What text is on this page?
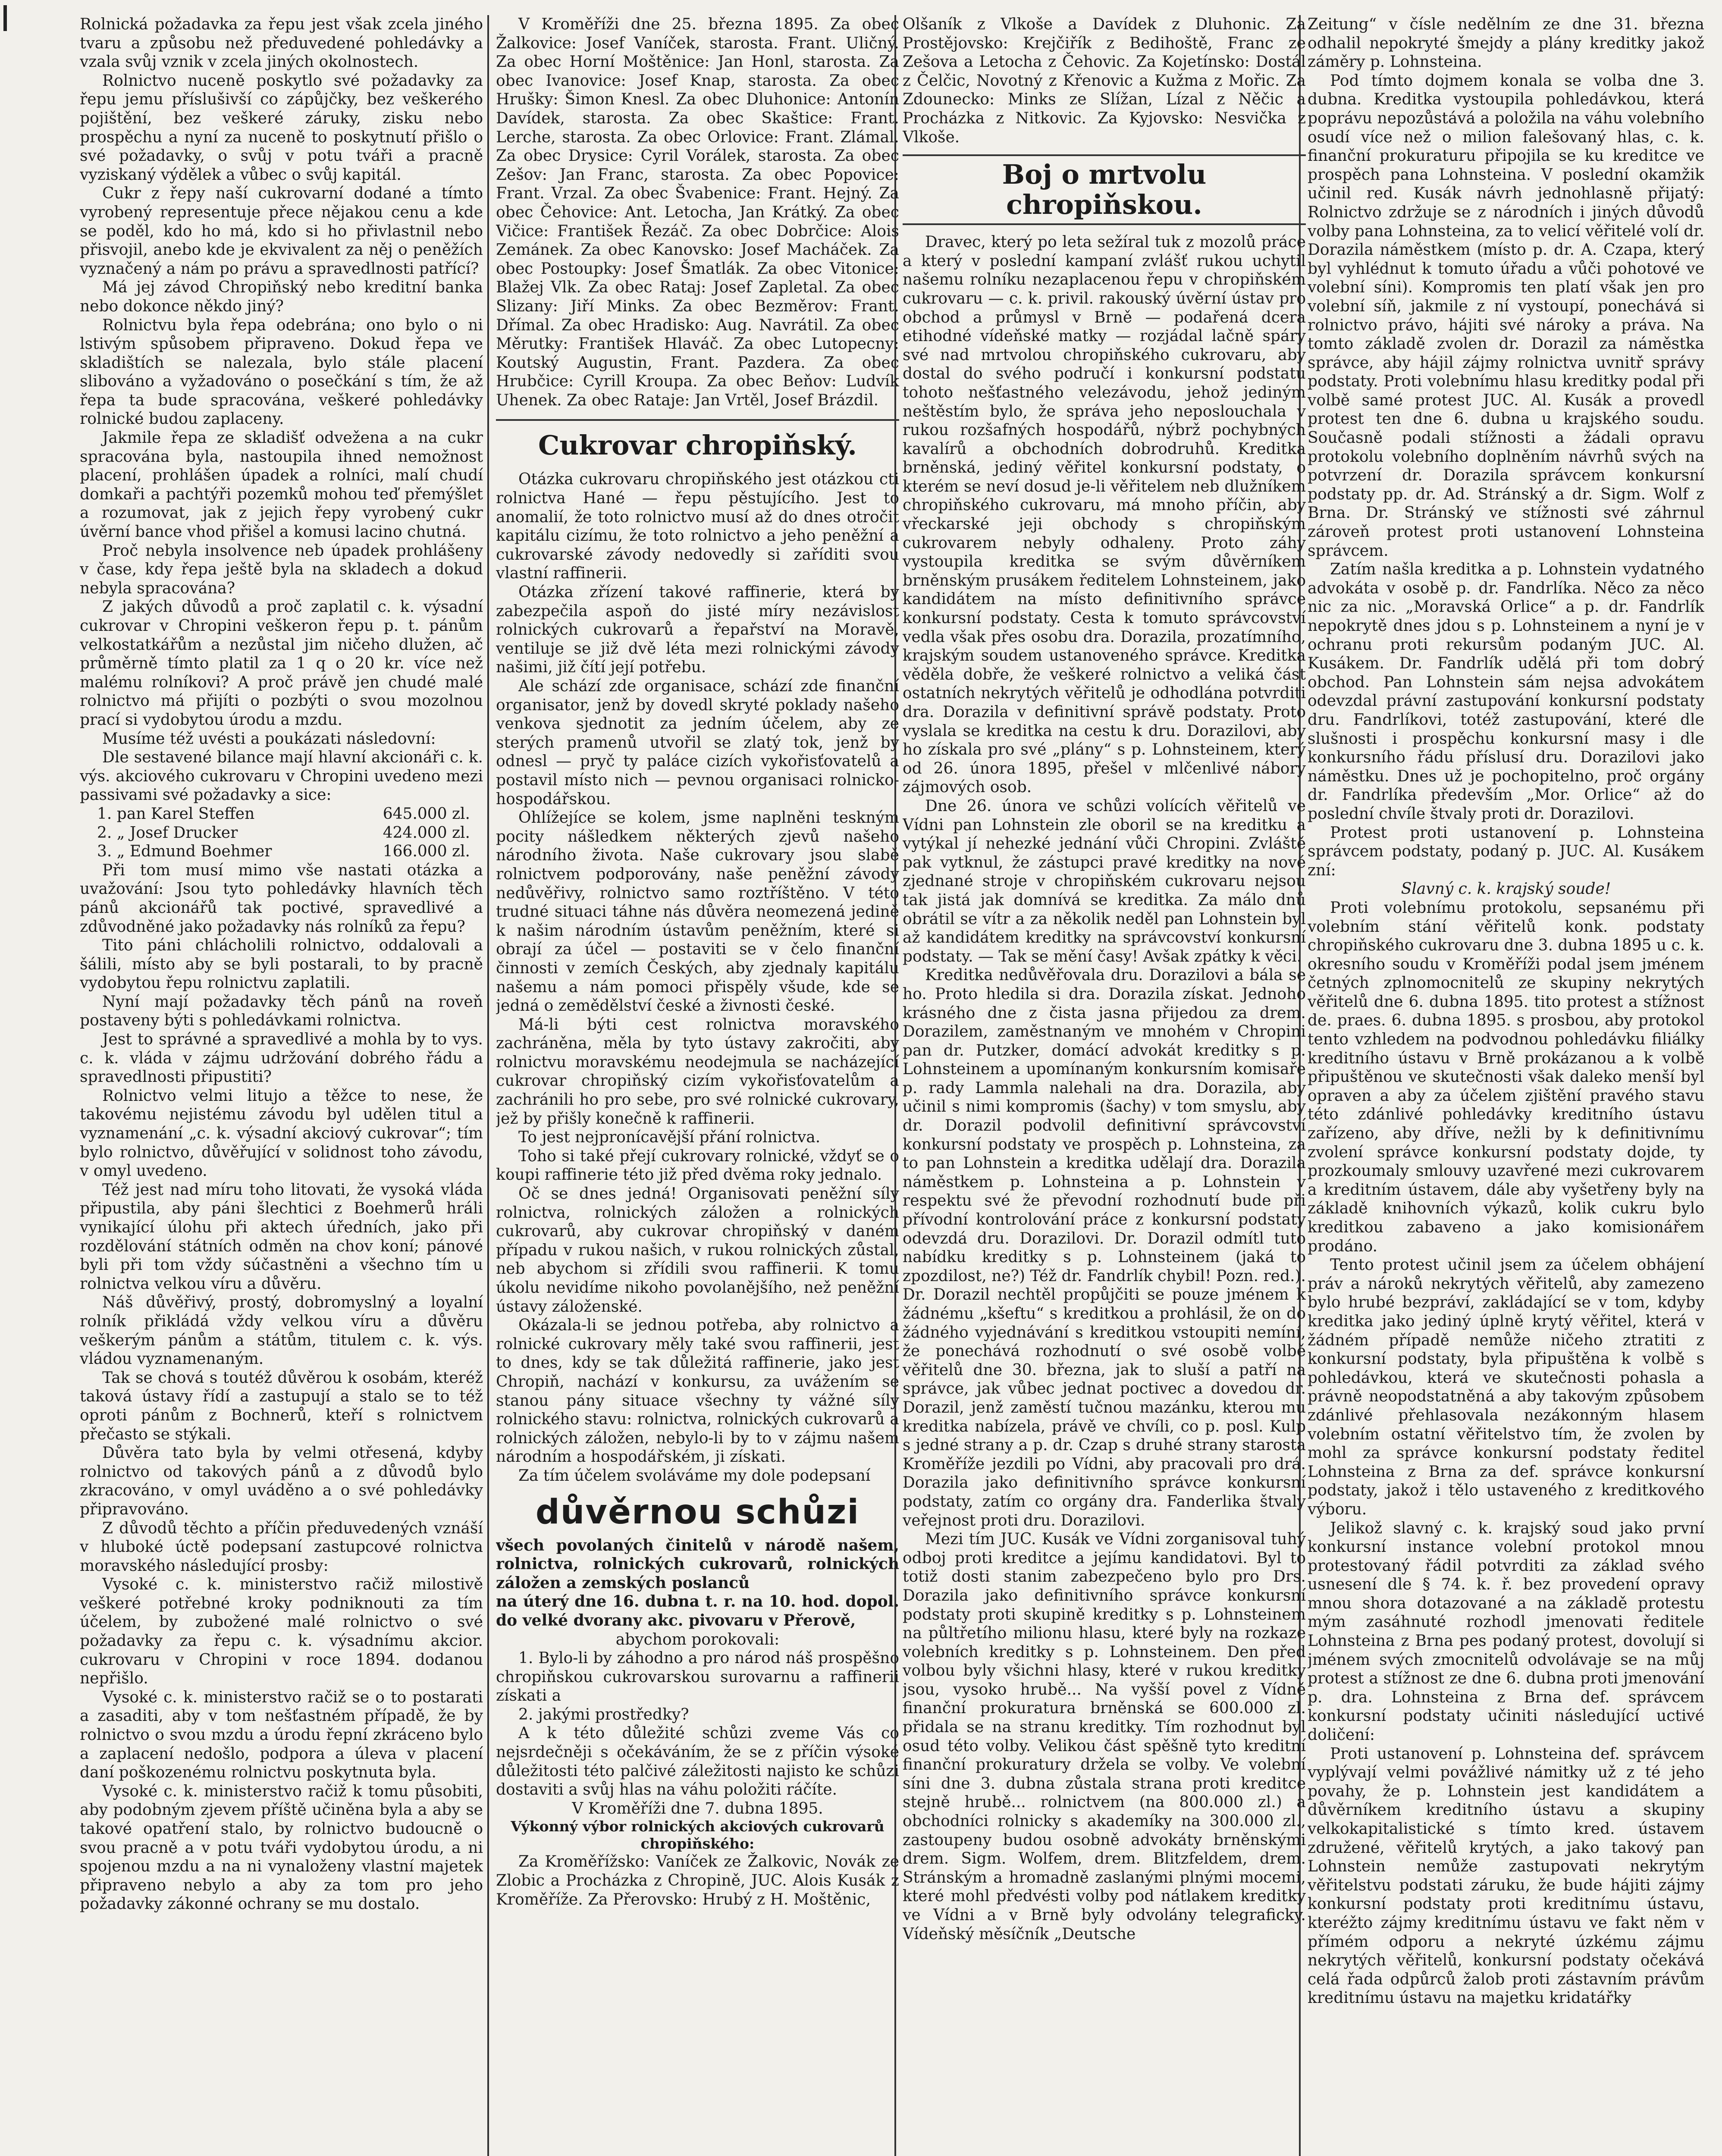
Rolnická požadavka za řepu jest však zcela jiného tvaru a způsobu než předuvedené pohledávky a vzala svůj vznik v zcela jiných okolnostech.

Rolnictvo nuceně poskytlo své požadavky za řepu jemu příslušivší co zápůjčky, bez veškerého pojištění, bez veškeré záruky, zisku nebo prospěchu a nyní za nuceně to poskytnutí přišlo o své požadavky, o svůj v potu tváři a pracně vyziskaný výdělek a vůbec o svůj kapitál.

Cukr z řepy naší cukrovarní dodané a tímto vyrobený representuje přece nějakou cenu a kde se poděl, kdo ho má, kdo si ho přivlastnil nebo přisvojil, anebo kde je ekvivalent za něj o peněžích vyznačený a nám po právu a spravedlnosti patřící?

Má jej závod Chropiňský nebo kreditní banka nebo dokonce někdo jiný?

Rolnictvu byla řepa odebrána; ono bylo o ni lstivým spůsobem připraveno. Dokud řepa ve skladištích se nalezala, bylo stále placení slibováno a vyžadováno o posečkání s tím, že až řepa ta bude spracována, veškeré pohledávky rolnické budou zaplaceny.

Jakmile řepa ze skladišť odvežena a na cukr spracována byla, nastoupila ihned nemožnost placení, prohlášen úpadek a rolníci, malí chudí domkaři a pachtýři pozemků mohou teď přemýšlet a rozumovat, jak z jejich řepy vyrobený cukr úvěrní bance vhod přišel a komusi lacino chutná.

Proč nebyla insolvence neb úpadek prohlášeny v čase, kdy řepa ještě byla na skladech a dokud nebyla spracována?

Z jakých důvodů a proč zaplatil c. k. výsadní cukrovar v Chropini veškeron řepu p. t. pánům velkostatkářům a nezůstal jim ničeho dlužen, ač průměrně tímto platil za 1 q o 20 kr. více než malému rolníkovi? A proč právě jen chudé malé rolnictvo má přijíti o pozbýti o svou mozolnou prací si vydobytou úrodu a mzdu.

Musíme též uvésti a poukázati následovní:

Dle sestavené bilance mají hlavní akcionáři c. k. výs. akciového cukrovaru v Chropini uvedeno mezi passivami své požadavky a sice:

1. pan Karel Steffen	645.000 zl.
2. „ Josef Drucker	424.000 zl.
3. „ Edmund Boehmer	166.000 zl.

Při tom musí mimo vše nastati otázka a uvažování: Jsou tyto pohledávky hlavních těch pánů akcionářů tak poctivé, spravedlivé a zdůvodněné jako požadavky nás rolníků za řepu?

Tito páni chlácholili rolnictvo, oddalovali a šálili, místo aby se byli postarali, to by pracně vydobytou řepu rolnictvu zaplatili.

Nyní mají požadavky těch pánů na roveň postaveny býti s pohledávkami rolnictva.

Jest to správné a spravedlivé a mohla by to vys. c. k. vláda v zájmu udržování dobrého řádu a spravedlnosti připustiti?

Rolnictvo velmi litujo a těžce to nese, že takovému nejistému závodu byl udělen titul a vyznamenání „c. k. výsadní akciový cukrovar“; tím bylo rolnictvo, důvěřující v solidnost toho závodu, v omyl uvedeno.

Též jest nad míru toho litovati, že vysoká vláda připustila, aby páni šlechtici z Boehmerů hráli vynikající úlohu při aktech úředních, jako při rozdělování státních odměn na chov koní; pánové byli při tom vždy súčastněni a všechno tím u rolnictva velkou víru a důvěru.

Náš důvěřivý, prostý, dobromyslný a loyalní rolník přikládá vždy velkou víru a důvěru veškerým pánům a státům, titulem c. k. výs. vládou vyznamenaným.

Tak se chová s toutéž důvěrou k osobám, kteréž taková ústavy řídí a zastupují a stalo se to též oproti pánům z Bochnerů, kteří s rolnictvem přečasto se stýkali.

Důvěra tato byla by velmi otřesená, kdyby rolnictvo od takových pánů a z důvodů bylo zkracováno, v omyl uváděno a o své pohledávky připravováno.

Z důvodů těchto a příčin předuvedených vznáší v hluboké úctě podepsaní zastupcové rolnictva moravského následující prosby:

Vysoké c. k. ministerstvo račiž milostivě veškeré potřebné kroky podniknouti za tím účelem, by zubožené malé rolnictvo o své požadavky za řepu c. k. výsadnímu akcior. cukrovaru v Chropini v roce 1894. dodanou nepřišlo.

Vysoké c. k. ministerstvo račiž se o to postarati a zasaditi, aby v tom nešťastném případě, že by rolnictvo o svou mzdu a úrodu řepní zkráceno bylo a zaplacení nedošlo, podpora a úleva v placení daní poškozenému rolnictvu poskytnuta byla.

Vysoké c. k. ministerstvo račiž k tomu působiti, aby podobným zjevem příště učiněna byla a aby se takové opatření stalo, by rolnictvo budoucně o svou pracně a v potu tváři vydobytou úrodu, a ni spojenou mzdu a na ni vynaloženy vlastní majetek připraveno nebylo a aby za tom pro jeho požadavky zákonné ochrany se mu dostalo.

V Kroměříži dne 25. března 1895. Za obec Žalkovice: Josef Vaníček, starosta. Frant. Uličný. Za obec Horní Moštěnice: Jan Honl, starosta. Za obec Ivanovice: Josef Knap, starosta. Za obec Hrušky: Šimon Knesl. Za obec Dluhonice: Antonín Davídek, starosta. Za obec Skaštice: Frant. Lerche, starosta. Za obec Orlovice: Frant. Zlámal. Za obec Drysice: Cyril Vorálek, starosta. Za obec Zešov: Jan Franc, starosta. Za obec Popovice: Frant. Vrzal. Za obec Švabenice: Frant. Hejný. Za obec Čehovice: Ant. Letocha, Jan Krátký. Za obec Vičice: František Řezáč. Za obec Dobrčice: Alois Zemánek. Za obec Kanovsko: Josef Macháček. Za obec Postoupky: Josef Šmatlák. Za obec Vitonice: Blažej Vlk. Za obec Rataj: Josef Zapletal. Za obec Slizany: Jiří Minks. Za obec Bezměrov: Frant. Dřímal. Za obec Hradisko: Aug. Navrátil. Za obec Měrutky: František Hlaváč. Za obec Lutopecny: Koutský Augustin, Frant. Pazdera. Za obec Hrubčice: Cyrill Kroupa. Za obec Beňov: Ludvík Uhenek. Za obec Rataje: Jan Vrtěl, Josef Brázdil.

Cukrovar chropiňský.

Otázka cukrovaru chropiňského jest otázkou cti rolnictva Hané — řepu pěstujícího. Jest to anomalií, že toto rolnictvo musí až do dnes otročit kapitálu cizímu, že toto rolnictvo a jeho peněžní a cukrovarské závody nedovedly si zaříditi svou vlastní raffinerii.

Otázka zřízení takové raffinerie, která by zabezpečila aspoň do jisté míry nezávislost rolnických cukrovarů a řepařství na Moravě, ventiluje se již dvě léta mezi rolnickými závody našimi, již čítí její potřebu.

Ale schází zde organisace, schází zde finanční organisator, jenž by dovedl skryté poklady našeho venkova sjednotit za jedním účelem, aby ze sterých pramenů utvořil se zlatý tok, jenž by odnesl — pryč ty paláce cizích vykořisťovatelů a postavil místo nich — pevnou organisaci rolnicko-hospodářskou.

Ohlížejíce se kolem, jsme naplněni teskným pocity nášledkem některých zjevů našeho národního života. Naše cukrovary jsou slabě rolnictvem podporovány, naše peněžní závody nedůvěřivy, rolnictvo samo roztříštěno. V této trudné situaci táhne nás důvěra neomezená jedině k našim národním ústavům peněžním, které si obrají za účel — postaviti se v čelo finanční činnosti v zemích Českých, aby zjednaly kapitálu našemu a nám pomoci přispěly všude, kde se jedná o zemědělství české a živnosti české.

Má-li býti cest rolnictva moravského zachráněna, měla by tyto ústavy zakročiti, aby rolnictvu moravskému neodejmula se nacházející cukrovar chropiňský cizím vykořisťovatelům a zachránili ho pro sebe, pro své rolnické cukrovary, jež by přišly konečně k raffinerii.

To jest nejpronícavější přání rolnictva.

Toho si také přejí cukrovary rolnické, vždyť se o koupi raffinerie této již před dvěma roky jednalo.

Oč se dnes jedná! Organisovati peněžní síly rolnictva, rolnických záložen a rolnických cukrovarů, aby cukrovar chropiňský v daném případu v rukou našich, v rukou rolnických zůstal, neb abychom si zřídili svou raffinerii. K tomu úkolu nevidíme nikoho povolanějšího, než peněžní ústavy záloženské.

Okázala-li se jednou potřeba, aby rolnictvo a rolnické cukrovary měly také svou raffinerii, jest to dnes, kdy se tak důležitá raffinerie, jako jest Chropiň, nachází v konkursu, za uvážením se stanou pány situace všechny ty vážné síly rolnického stavu: rolnictva, rolnických cukrovarů a rolnických záložen, nebylo-li by to v zájmu našem národním a hospodářském, ji získati.

Za tím účelem svoláváme my dole podepsaní

důvěrnou schůzi

všech povolaných činitelů v národě našem, rolnictva, rolnických cukrovarů, rolnických záložen a zemských poslanců

na úterý dne 16. dubna t. r. na 10. hod. dopol. do velké dvorany akc. pivovaru v Přerově,

abychom porokovali:

1. Bylo-li by záhodno a pro národ náš prospěšno chropiňskou cukrovarskou surovarnu a raffinerii získati a

2. jakými prostředky?

A k této důležité schůzi zveme Vás co nejsrdečněji s očekáváním, že se z příčin výsoké důležitosti této palčivé záležitosti najisto ke schůzi dostaviti a svůj hlas na váhu položiti ráčíte.

V Kroměříži dne 7. dubna 1895.

Výkonný výbor rolnických akciových cukrovarů chropiňského:

Za Kroměřížsko: Vaníček ze Žalkovic, Novák ze Zlobic a Procházka z Chropině, JUC. Alois Kusák z Kroměříže. Za Přerovsko: Hrubý z H. Moštěnic,

Olšaník z Vlkoše a Davídek z Dluhonic. Za Prostějovsko: Krejčiřík z Bedihoště, Franc ze Zešova a Letocha z Čehovic. Za Kojetínsko: Dostál z Čelčic, Novotný z Křenovic a Kužma z Mořic. Za Zdounecko: Minks ze Slížan, Lízal z Něčic a Procházka z Nitkovic. Za Kyjovsko: Nesvička z Vlkoše.

Boj o mrtvolu chropiňskou.

Dravec, který po leta sežíral tuk z mozolů práce a který v poslední kampaní zvlášť rukou uchytil našemu rolníku nezaplacenou řepu v chropiňském cukrovaru — c. k. privil. rakouský úvěrní ústav pro obchod a průmysl v Brně — podařená dcera etihodné vídeňské matky — rozjádal lačně spáry své nad mrtvolou chropiňského cukrovaru, aby dostal do svého područí i konkursní podstatu tohoto nešťastného velezávodu, jehož jediným neštěstím bylo, že správa jeho neposlouchala v rukou rozšafných hospodářů, nýbrž pochybných kavalírů a obchodních dobrodruhů. Kreditka brněnská, jediný věřitel konkursní podstaty, o kterém se neví dosud je-li věřitelem neb dlužníkem chropiňského cukrovaru, má mnoho příčin, aby vřeckarské jeji obchody s chropiňským cukrovarem nebyly odhaleny. Proto záhy vystoupila kreditka se svým důvěrníkem brněnským prusákem ředitelem Lohnsteinem, jako kandidátem na místo definitivního správce konkursní podstaty. Cesta k tomuto správcovství vedla však přes osobu dra. Dorazila, prozatímního, krajským soudem ustanoveného správce. Kreditka věděla dobře, že veškeré rolnictvo a veliká část ostatních nekrytých věřitelů je odhodlána potvrditi dra. Dorazila v definitivní správě podstaty. Proto vyslala se kreditka na cestu k dru. Dorazilovi, aby ho získala pro své „plány“ s p. Lohnsteinem, který od 26. února 1895, přešel v mlčenlivé nábory zájmových osob.

Dne 26. února ve schůzi volících věřitelů ve Vídni pan Lohnstein zle oboril se na kreditku a vytýkal jí nehezké jednání vůči Chropini. Zvláště pak vytknul, že zástupci pravé kreditky na nové zjednané stroje v chropiňském cukrovaru nejsou tak jistá jak domnívá se kreditka. Za málo dnů obrátil se vítr a za několik neděl pan Lohnstein byl až kandidátem kreditky na správcovství konkursní podstaty. — Tak se mění časy! Avšak zpátky k věci.

Kreditka nedůvěřovala dru. Dorazilovi a bála se ho. Proto hledila si dra. Dorazila získat. Jednoho krásného dne z čista jasna přijedou za drem. Dorazilem, zaměstnaným ve mnohém v Chropini pan dr. Putzker, domácí advokát kreditky s p. Lohnsteinem a upomínaným konkursním komisaře p. rady Lammla nalehali na dra. Dorazila, aby učinil s nimi kompromis (šachy) v tom smyslu, aby dr. Dorazil podvolil definitivní správcovství konkursní podstaty ve prospěch p. Lohnsteina, za to pan Lohnstein a kreditka udělají dra. Dorazila náměstkem p. Lohnsteina a p. Lohnstein v respektu své že převodní rozhodnutí bude při přívodní kontrolování práce z konkursní podstaty odevzdá dru. Dorazilovi. Dr. Dorazil odmítl tuto nabídku kreditky s p. Lohnsteinem (jaká to zpozdilost, ne?) Též dr. Fandrlík chybil! Pozn. red.). Dr. Dorazil nechtěl propůjčiti se pouze jménem k žádnému „kšeftu“ s kreditkou a prohlásil, že on do žádného vyjednávání s kreditkou vstoupiti nemíní, že ponechává rozhodnutí o své osobě volbě věřitelů dne 30. března, jak to sluší a patří na správce, jak vůbec jednat poctivec a dovedou dr. Dorazil, jenž zaměstí tučnou mazánku, kterou mu kreditka nabízela, právě ve chvíli, co p. posl. Kulp s jedné strany a p. dr. Czap s druhé strany starosta Kroměříže jezdili po Vídni, aby pracovali pro drá. Dorazila jako definitivního správce konkursní podstaty, zatím co orgány dra. Fanderlika štvaly veřejnost proti dru. Dorazilovi.

Mezi tím JUC. Kusák ve Vídni zorganisoval tuhý odboj proti kreditce a jejímu kandidatovi. Byl to totiž dosti stanim zabezpečeno bylo pro Drs. Dorazila jako definitivního správce konkursní podstaty proti skupině kreditky s p. Lohnsteinem na půltřetího milionu hlasu, které byly na rozkaze volebních kreditky s p. Lohnsteinem. Den před volbou byly všichni hlasy, které v rukou kreditky jsou, vysoko hrubě... Na vyšší povel z Vídně finanční prokuratura brněnská se 600.000 zl. přidala se na stranu kreditky. Tím rozhodnut byl osud této volby. Velikou část spěšně tyto kreditní finanční prokuratury držela se volby. Ve volební síni dne 3. dubna zůstala strana proti kreditce stejně hrubě... rolnictvem (na 800.000 zl.) a obchodníci rolnicky s akademíky na 300.000 zl., zastoupeny budou osobně advokáty brněnskými drem. Sigm. Wolfem, drem. Blitzfeldem, drem. Stránským a hromadně zaslanými plnými mocemi, které mohl předvésti volby pod nátlakem kreditky ve Vídni a v Brně byly odvolány telegraficky. Vídeňský měsíčník „Deutsche

Zeitung“ v čísle nedělním ze dne 31. března odhalil nepokryté šmejdy a plány kreditky jakož záměry p. Lohnsteina.

Pod tímto dojmem konala se volba dne 3. dubna. Kreditka vystoupila pohledávkou, která poprávu nepozůstává a položila na váhu volebního osudí více než o milion falešovaný hlas, c. k. finanční prokuraturu připojila se ku kreditce ve prospěch pana Lohnsteina. V poslední okamžik učinil red. Kusák návrh jednohlasně přijatý: Rolnictvo zdržuje se z národních i jiných důvodů volby pana Lohnsteina, za to velicí věřitelé volí dr. Dorazila náměstkem (místo p. dr. A. Czapa, který byl vyhlédnut k tomuto úřadu a vůči pohotové ve volební síni). Kompromis ten platí však jen pro volební síň, jakmile z ní vystoupí, ponechává si rolnictvo právo, hájiti své nároky a práva. Na tomto základě zvolen dr. Dorazil za náměstka správce, aby hájil zájmy rolnictva uvnitř správy podstaty. Proti volebnímu hlasu kreditky podal při volbě samé protest JUC. Al. Kusák a provedl protest ten dne 6. dubna u krajského soudu. Současně podali stížnosti a žádali opravu protokolu volebního doplněním návrhů svých na potvrzení dr. Dorazila správcem konkursní podstaty pp. dr. Ad. Stránský a dr. Sigm. Wolf z Brna. Dr. Stránský ve stížnosti své záhrnul zároveň protest proti ustanovení Lohnsteina správcem.

Zatím našla kreditka a p. Lohnstein vydatného advokáta v osobě p. dr. Fandrlíka. Něco za něco nic za nic. „Moravská Orlice“ a p. dr. Fandrlík nepokrytě dnes jdou s p. Lohnsteinem a nyní je v ochranu proti rekursům podaným JUC. Al. Kusákem. Dr. Fandrlík udělá při tom dobrý obchod. Pan Lohnstein sám nejsa advokátem odevzdal právní zastupování konkursní podstaty dru. Fandrlíkovi, totéž zastupování, které dle slušnosti i prospěchu konkursní masy i dle konkursního řádu příslusí dru. Dorazilovi jako náměstku. Dnes už je pochopitelno, proč orgány dr. Fandrlíka především „Mor. Orlice“ až do poslední chvíle štvaly proti dr. Dorazilovi.

Protest proti ustanovení p. Lohnsteina správcem podstaty, podaný p. JUC. Al. Kusákem zní:

Slavný c. k. krajský soude!

Proti volebnímu protokolu, sepsanému při volebním stání věřitelů konk. podstaty chropiňského cukrovaru dne 3. dubna 1895 u c. k. okresního soudu v Kroměříži podal jsem jménem četných zplnomocnitelů ze skupiny nekrytých věřitelů dne 6. dubna 1895. tito protest a stížnost de. praes. 6. dubna 1895. s prosbou, aby protokol tento vzhledem na podvodnou pohledávku filiálky kreditního ústavu v Brně prokázanou a k volbě připuštěnou ve skutečnosti však daleko menší byl opraven a aby za účelem zjištění pravého stavu této zdánlivé pohledávky kreditního ústavu zařízeno, aby dříve, nežli by k definitivnímu zvolení správce konkursní podstaty dojde, ty prozkoumaly smlouvy uzavřené mezi cukrovarem a kreditním ústavem, dále aby vyšetřeny byly na základě knihovních výkazů, kolik cukru bylo kreditkou zabaveno a jako komisionářem prodáno.

Tento protest učinil jsem za účelem obhájení práv a nároků nekrytých věřitelů, aby zamezeno bylo hrubé bezpráví, zakládající se v tom, kdyby kreditka jako jediný úplně krytý věřitel, která v žádném případě nemůže ničeho ztratiti z konkursní podstaty, byla připuštěna k volbě s pohledávkou, která ve skutečnosti pohasla a právně neopodstatněná a aby takovým způsobem zdánlivé přehlasovala nezákonným hlasem volebním ostatní věřitelstvo tím, že zvolen by mohl za správce konkursní podstaty ředitel Lohnsteina z Brna za def. správce konkursní podstaty, jakož i tělo ustaveného z kreditkového výboru.

Jelikož slavný c. k. krajský soud jako první konkursní instance volební protokol mnou protestovaný řádil potvrditi za základ svého usnesení dle § 74. k. ř. bez provedení opravy mnou shora dotazované a na základě protestu mým zasáhnuté rozhodl jmenovati ředitele Lohnsteina z Brna pes podaný protest, dovolují si jménem svých zmocnitelů odvolávaje se na můj protest a stížnost ze dne 6. dubna proti jmenování p. dra. Lohnsteina z Brna def. správcem konkursní podstaty učiniti následující uctivé doličení:

Proti ustanovení p. Lohnsteina def. správcem vyplývají velmi povážlivé námitky už z té jeho povahy, že p. Lohnstein jest kandidátem a důvěrníkem kreditního ústavu a skupiny velkokapitalistické s tímto kred. ústavem združené, věřitelů krytých, a jako takový pan Lohnstein nemůže zastupovati nekrytým věřitelstvu podstati záruku, že bude hájiti zájmy konkursní podstaty proti kreditnímu ústavu, kteréžto zájmy kreditnímu ústavu ve fakt něm v přímém odporu a nekryté úzkému zájmu nekrytých věřitelů, konkursní podstaty očekává celá řada odpůrců žalob proti zástavním právům kreditnímu ústavu na majetku kridatářky
